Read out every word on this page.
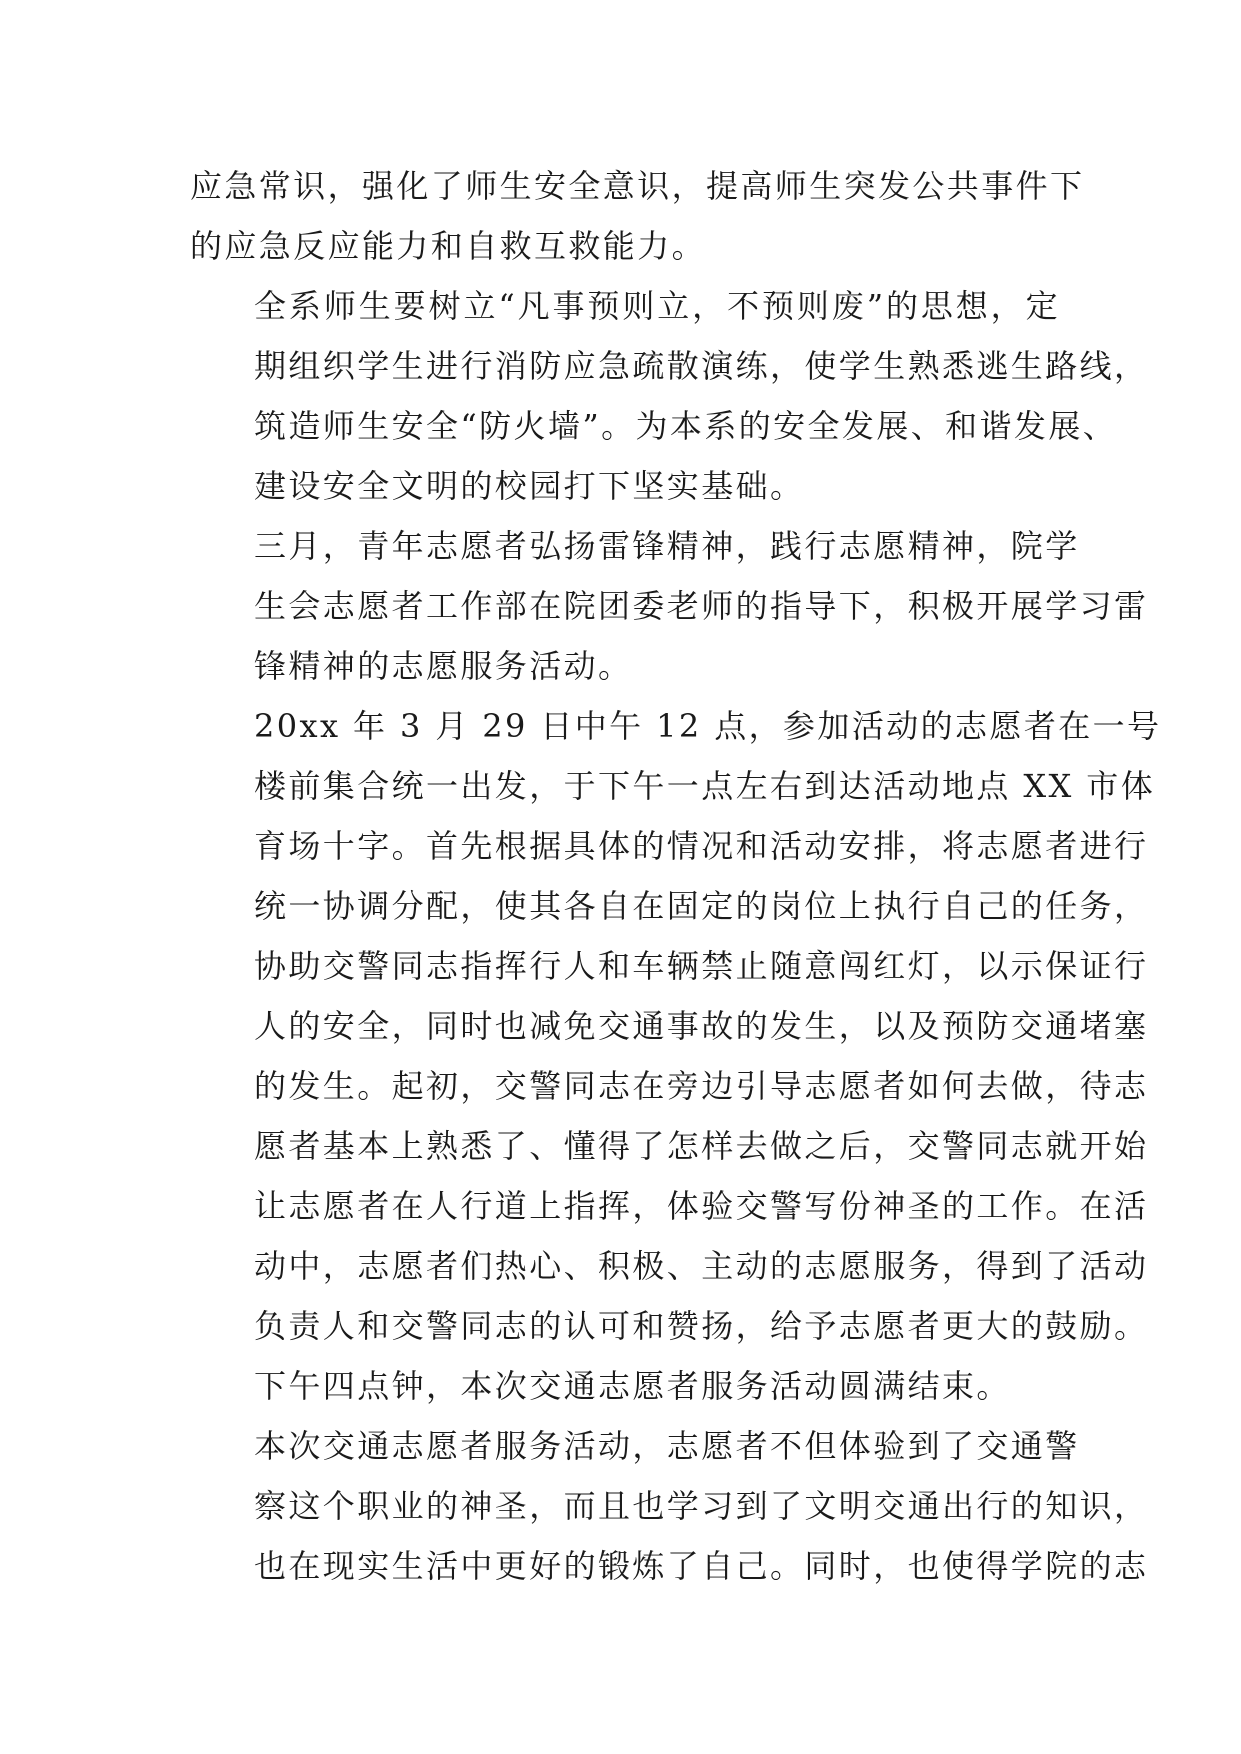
应急常识，强化了师生安全意识，提高师生突发公共事件下
的应急反应能力和自救互救能力。
全系师生要树立“凡事预则立，不预则废”的思想，定
期组织学生进行消防应急疏散演练，使学生熟悉逃生路线，
筑造师生安全“防火墙”。为本系的安全发展、和谐发展、
建设安全文明的校园打下坚实基础。
三月，青年志愿者弘扬雷锋精神，践行志愿精神，院学
生会志愿者工作部在院团委老师的指导下，积极开展学习雷
锋精神的志愿服务活动。
20xx 年 3 月 29 日中午 12 点，参加活动的志愿者在一号
楼前集合统一出发，于下午一点左右到达活动地点 XX 市体
育场十字。首先根据具体的情况和活动安排，将志愿者进行
统一协调分配，使其各自在固定的岗位上执行自己的任务，
协助交警同志指挥行人和车辆禁止随意闯红灯，以示保证行
人的安全，同时也减免交通事故的发生，以及预防交通堵塞
的发生。起初，交警同志在旁边引导志愿者如何去做，待志
愿者基本上熟悉了、懂得了怎样去做之后，交警同志就开始
让志愿者在人行道上指挥，体验交警写份神圣的工作。在活
动中，志愿者们热心、积极、主动的志愿服务，得到了活动
负责人和交警同志的认可和赞扬，给予志愿者更大的鼓励。
下午四点钟，本次交通志愿者服务活动圆满结束。
本次交通志愿者服务活动，志愿者不但体验到了交通警
察这个职业的神圣，而且也学习到了文明交通出行的知识，
也在现实生活中更好的锻炼了自己。同时，也使得学院的志
